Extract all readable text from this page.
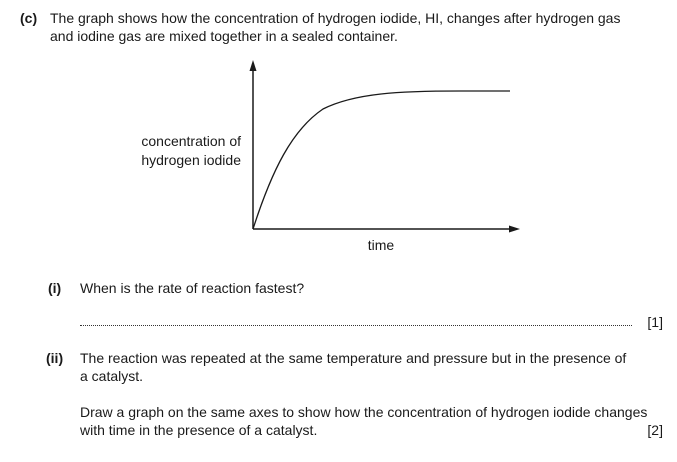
(c) The graph shows how the concentration of hydrogen iodide, HI, changes after hydrogen gas
and iodine gas are mixed together in a sealed container.
concentration of
hydrogen iodide
time
(i) When is the rate of reaction fastest?
[1]
(ii) The reaction was repeated at the same temperature and pressure but in the presence of
a catalyst.
Draw a graph on the same axes to show how the concentration of hydrogen iodide changes
with time in the presence of a catalyst.	[2]
